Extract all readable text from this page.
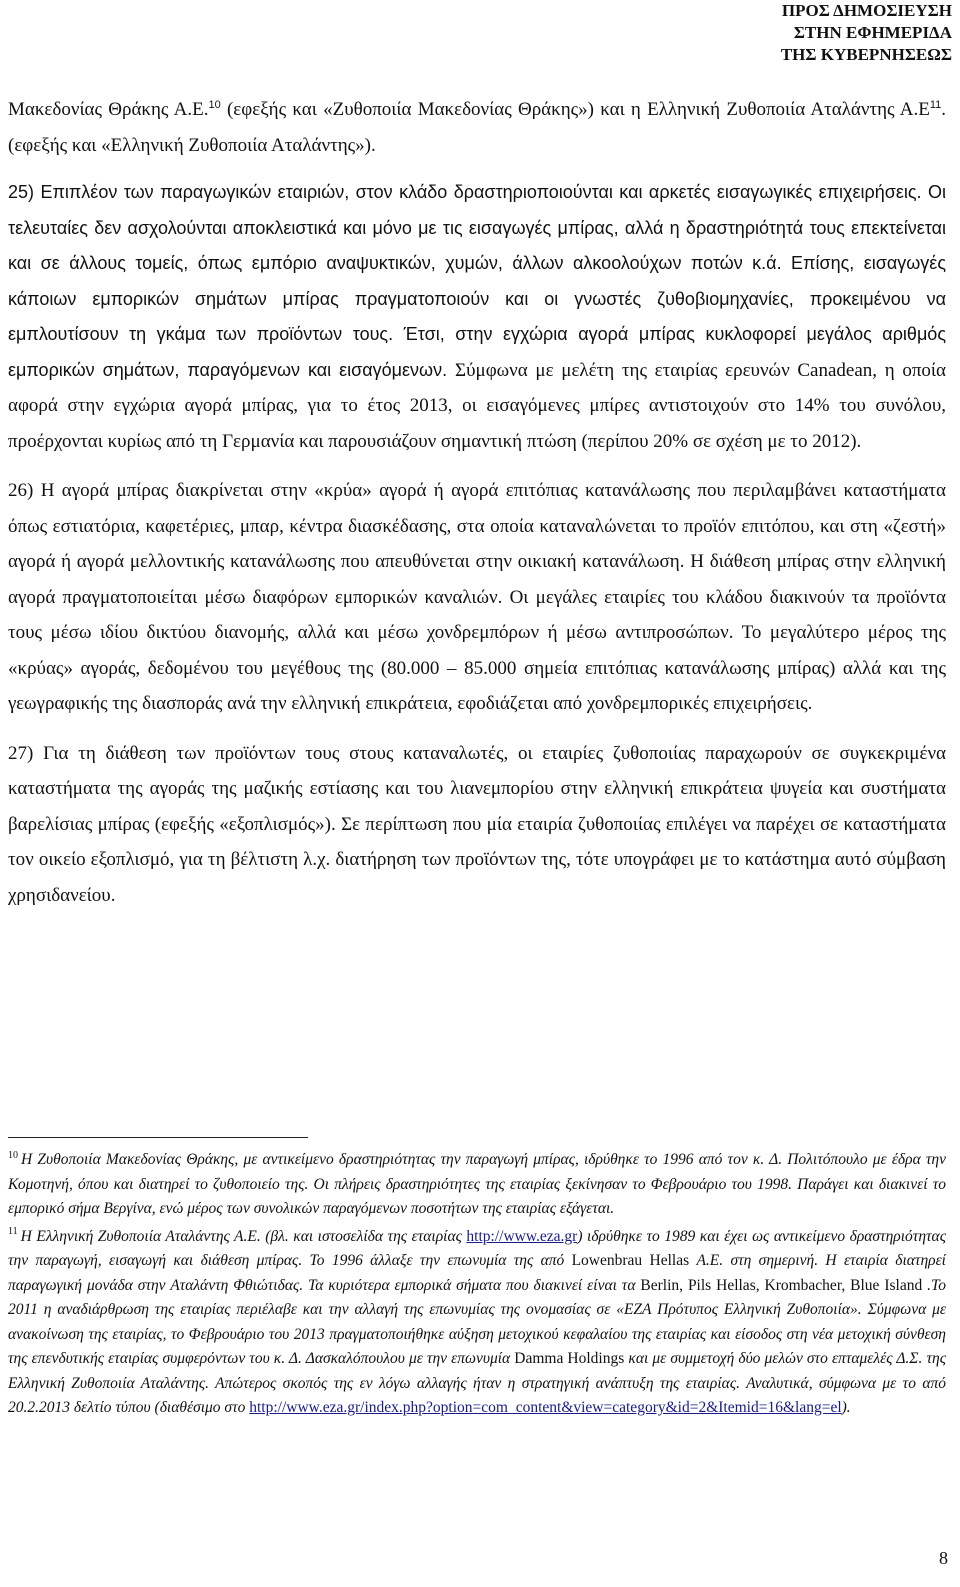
ΠΡΟΣ ΔΗΜΟΣΙΕΥΣΗ
ΣΤΗΝ ΕΦΗΜΕΡΙΔΑ
ΤΗΣ ΚΥΒΕΡΝΗΣΕΩΣ

Μακεδονίας Θράκης Α.Ε.$^{10}$ (εφεξής και «Ζυθοποιία Μακεδονίας Θράκης») και η Ελληνική Ζυθοποιία Αταλάντης $A.E^{11}$. (εφεξής και «Ελληνική Ζυθοποιία Αταλάντης»).

25) Επιπλέον των παραγωγικών εταιριών, στον κλάδο δραστηριοποιούνται και αρκετές εισαγωγικές επιχειρήσεις. Οι τελευταίες δεν ασχολούνται αποκλειστικά και μόνο με τις εισαγωγές μπίρας, αλλά η δραστηριότητά τους επεκτείνεται και σε άλλους τομείς, όπως εμπόριο αναψυκτικών, χυμών, άλλων αλκοολούχων ποτών κ.ά. Επίσης, εισαγωγές κάποιων εμπορικών σημάτων μπίρας πραγματοποιούν και οι γνωστές ζυθοβιομηχανίες, προκειμένου να εμπλουτίσουν τη γκάμα των προϊόντων τους. Έτσι, στην εγχώρια αγορά μπίρας κυκλοφορεί μεγάλος αριθμός εμπορικών σημάτων, παραγόμενων και εισαγόμενων. Σύμφωνα με μελέτη της εταιρίας ερευνών Canadean, η οποία αφορά στην εγχώρια αγορά μπίρας, για το έτος 2013, οι εισαγόμενες μπίρες αντιστοιχούν στο 14% του συνόλου, προέρχονται κυρίως από τη Γερμανία και παρουσιάζουν σημαντική πτώση (περίπου 20% σε σχέση με το 2012).

26) Η αγορά μπίρας διακρίνεται στην «κρύα» αγορά ή αγορά επιτόπιας κατανάλωσης που περιλαμβάνει καταστήματα όπως εστιατόρια, καφετέριες, μπαρ, κέντρα διασκέδασης, στα οποία καταναλώνεται το προϊόν επιτόπου, και στη «ζεστή» αγορά ή αγορά μελλοντικής κατανάλωσης που απευθύνεται στην οικιακή κατανάλωση. Η διάθεση μπίρας στην ελληνική αγορά πραγματοποιείται μέσω διαφόρων εμπορικών καναλιών. Οι μεγάλες εταιρίες του κλάδου διακινούν τα προϊόντα τους μέσω ιδίου δικτύου διανομής, αλλά και μέσω χονδρεμπόρων ή μέσω αντιπροσώπων. Το μεγαλύτερο μέρος της «κρύας» αγοράς, δεδομένου του μεγέθους της (80.000 – 85.000 σημεία επιτόπιας κατανάλωσης μπίρας) αλλά και της γεωγραφικής της διασποράς ανά την ελληνική επικράτεια, εφοδιάζεται από χονδρεμπορικές επιχειρήσεις.

27) Για τη διάθεση των προϊόντων τους στους καταναλωτές, οι εταιρίες ζυθοποιίας παραχωρούν σε συγκεκριμένα καταστήματα της αγοράς της μαζικής εστίασης και του λιανεμπορίου στην ελληνική επικράτεια ψυγεία και συστήματα βαρελίσιας μπίρας (εφεξής «εξοπλισμός»). Σε περίπτωση που μία εταιρία ζυθοποιίας επιλέγει να παρέχει σε καταστήματα τον οικείο εξοπλισμό, για τη βέλτιστη λ.χ. διατήρηση των προϊόντων της, τότε υπογράφει με το κατάστημα αυτό σύμβαση χρησιδανείου.

$^{10}$ Η Ζυθοποιία Μακεδονίας Θράκης, με αντικείμενο δραστηριότητας την παραγωγή μπίρας, ιδρύθηκε το 1996 από τον κ. Δ. Πολιτόπουλο με έδρα την Κομοτηνή, όπου και διατηρεί το ζυθοποιείο της. Οι πλήρεις δραστηριότητες της εταιρίας ξεκίνησαν το Φεβρουάριο του 1998. Παράγει και διακινεί το εμπορικό σήμα Βεργίνα, ενώ μέρος των συνολικών παραγόμενων ποσοτήτων της εταιρίας εξάγεται.

$^{11}$ Η Ελληνική Ζυθοποιία Αταλάντης Α.Ε. (βλ. και ιστοσελίδα της εταιρίας http://www.eza.gr) ιδρύθηκε το 1989 και έχει ως αντικείμενο δραστηριότητας την παραγωγή, εισαγωγή και διάθεση μπίρας. Το 1996 άλλαξε την επωνυμία της από Lowenbrau Hellas Α.Ε. στη σημερινή. Η εταιρία διατηρεί παραγωγική μονάδα στην Αταλάντη Φθιώτιδας. Τα κυριότερα εμπορικά σήματα που διακινεί είναι τα Berlin, Pils Hellas, Krombacher, Blue Island .Το 2011 η αναδιάρθρωση της εταιρίας περιέλαβε και την αλλαγή της επωνυμίας της ονομασίας σε «ΕΖΑ Πρότυπος Ελληνική Ζυθοποιία». Σύμφωνα με ανακοίνωση της εταιρίας, το Φεβρουάριο του 2013 πραγματοποιήθηκε αύξηση μετοχικού κεφαλαίου της εταιρίας και είσοδος στη νέα μετοχική σύνθεση της επενδυτικής εταιρίας συμφερόντων του κ. Δ. Δασκαλόπουλου με την επωνυμία Damma Holdings και με συμμετοχή δύο μελών στο επταμελές Δ.Σ. της Ελληνική Ζυθοποιία Αταλάντης. Απώτερος σκοπός της εν λόγω αλλαγής ήταν η στρατηγική ανάπτυξη της εταιρίας. Αναλυτικά, σύμφωνα με το από 20.2.2013 δελτίο τύπου (διαθέσιμο στο http://www.eza.gr/index.php?option=com_content&view=category&id=2&Itemid=16&lang=el).

8
